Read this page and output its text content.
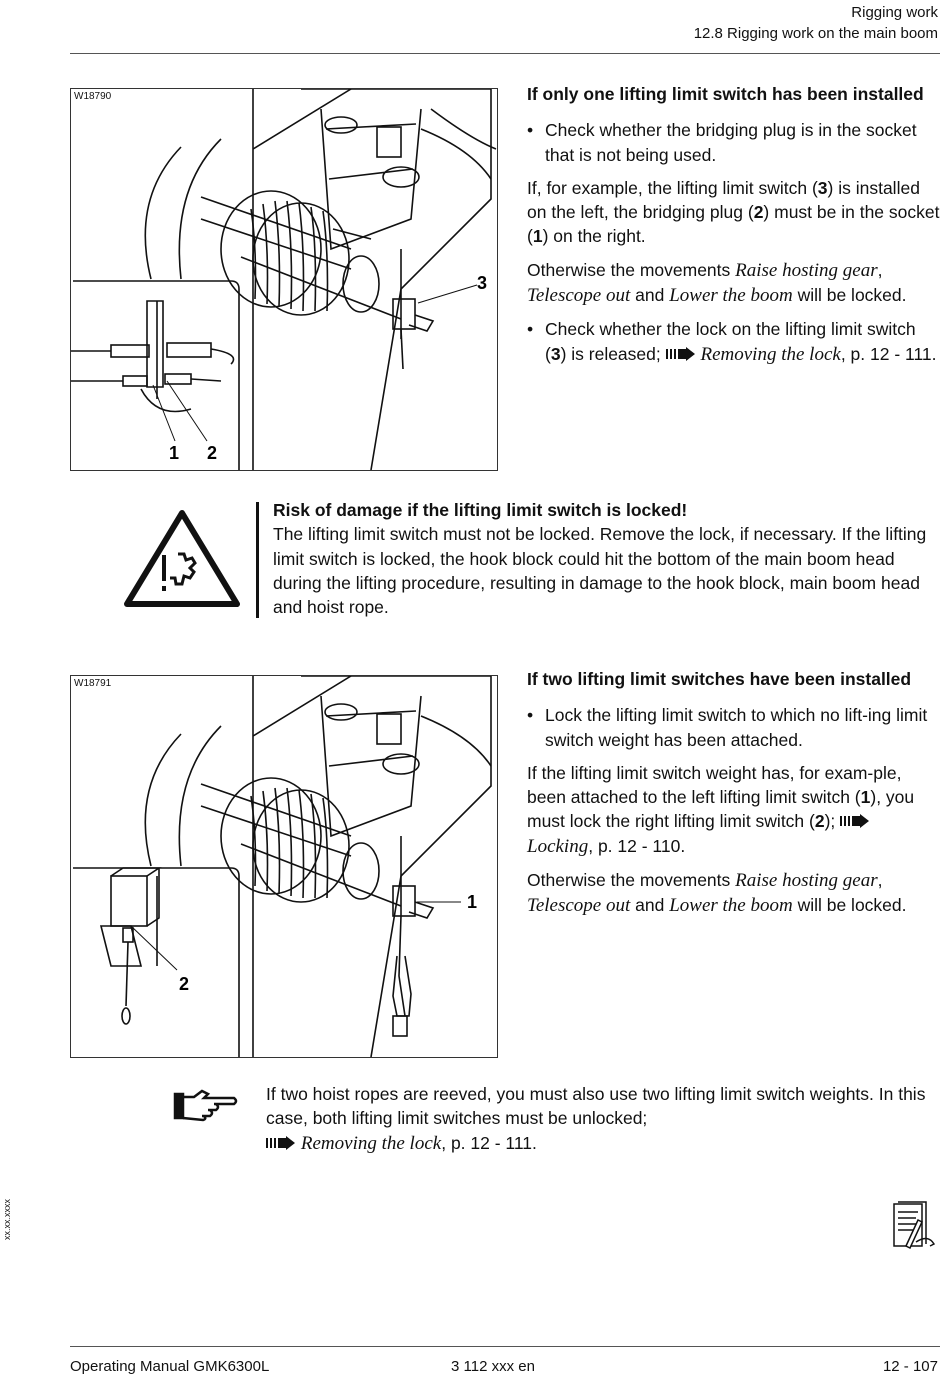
Rigging work
12.8 Rigging work on the main boom
W18790
3
1 2
If only one lifting limit switch has been installed
• Check whether the bridging plug is in the socket that is not being used.

If, for example, the lifting limit switch (3) is installed on the left, the bridging plug (2) must be in the socket (1) on the right.

Otherwise the movements Raise hosting gear, Telescope out and Lower the boom will be locked.

• Check whether the lock on the lifting limit switch (3) is released;  Removing the lock, p. 12 - 111.
Risk of damage if the lifting limit switch is locked!
The lifting limit switch must not be locked. Remove the lock, if necessary. If the lifting limit switch is locked, the hook block could hit the bottom of the main boom head during the lifting procedure, resulting in damage to the hook block, main boom head and hoist rope.
W18791
1
2
If two lifting limit switches have been installed
• Lock the lifting limit switch to which no lift-ing limit switch weight has been attached.

If the lifting limit switch weight has, for exam-ple, been attached to the left lifting limit switch (1), you must lock the right lifting limit switch (2);  Locking, p. 12 - 110.

Otherwise the movements Raise hosting gear, Telescope out and Lower the boom will be locked.

If two hoist ropes are reeved, you must also use two lifting limit switch weights. In this case, both lifting limit switches must be unlocked;
Removing the lock, p. 12 - 111.
xx.xx.xxxx
Operating Manual GMK6300L	3 112 xxx en	12 - 107
